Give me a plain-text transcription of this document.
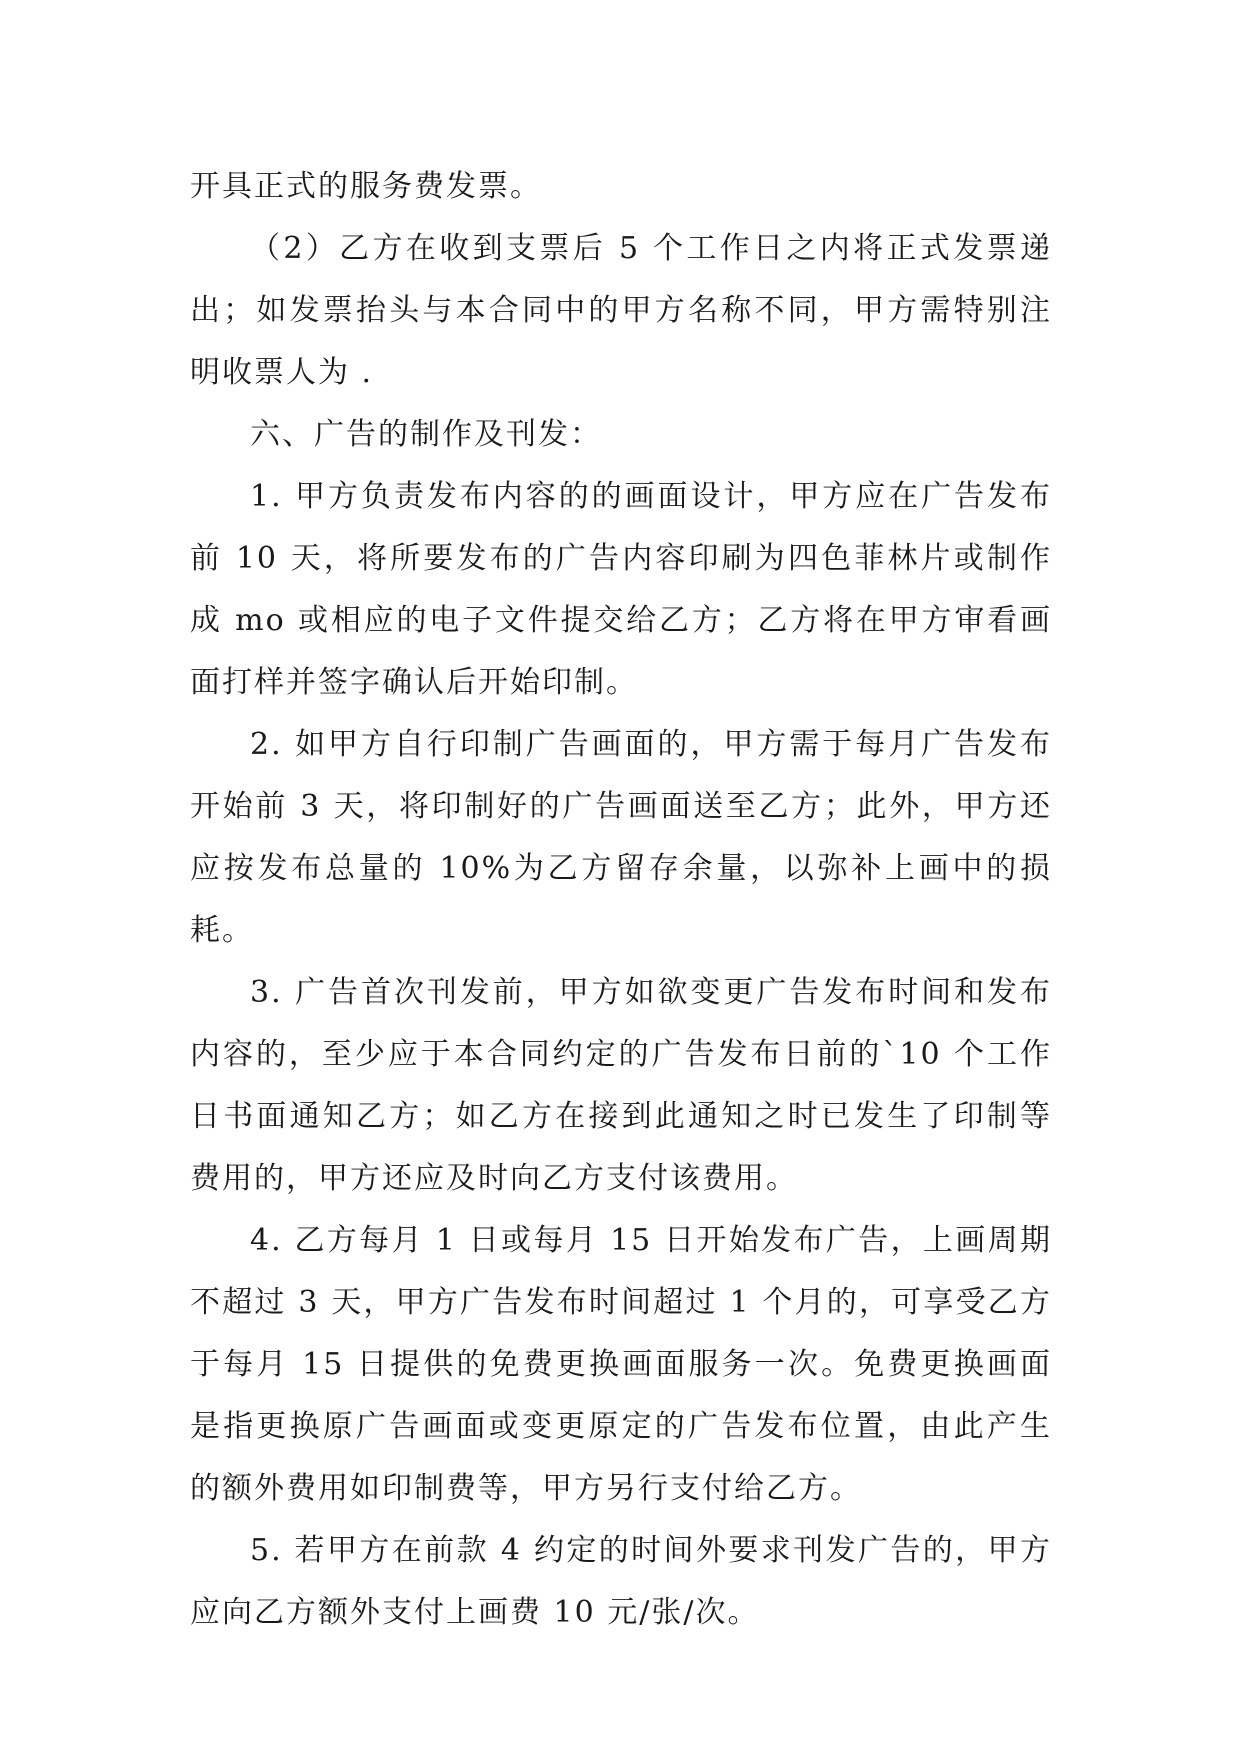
开具正式的服务费发票。

（2）乙方在收到支票后 5 个工作日之内将正式发票递出；如发票抬头与本合同中的甲方名称不同，甲方需特别注明收票人为 .

六、广告的制作及刊发：

1. 甲方负责发布内容的的画面设计，甲方应在广告发布前 10 天，将所要发布的广告内容印刷为四色菲林片或制作成 mo 或相应的电子文件提交给乙方；乙方将在甲方审看画面打样并签字确认后开始印制。

2. 如甲方自行印制广告画面的，甲方需于每月广告发布开始前 3 天，将印制好的广告画面送至乙方；此外，甲方还应按发布总量的 10%为乙方留存余量，以弥补上画中的损耗。

3. 广告首次刊发前，甲方如欲变更广告发布时间和发布内容的，至少应于本合同约定的广告发布日前的`10 个工作日书面通知乙方；如乙方在接到此通知之时已发生了印制等费用的，甲方还应及时向乙方支付该费用。

4. 乙方每月 1 日或每月 15 日开始发布广告，上画周期不超过 3 天，甲方广告发布时间超过 1 个月的，可享受乙方于每月 15 日提供的免费更换画面服务一次。免费更换画面是指更换原广告画面或变更原定的广告发布位置，由此产生的额外费用如印制费等，甲方另行支付给乙方。

5. 若甲方在前款 4 约定的时间外要求刊发广告的，甲方应向乙方额外支付上画费 10 元/张/次。
